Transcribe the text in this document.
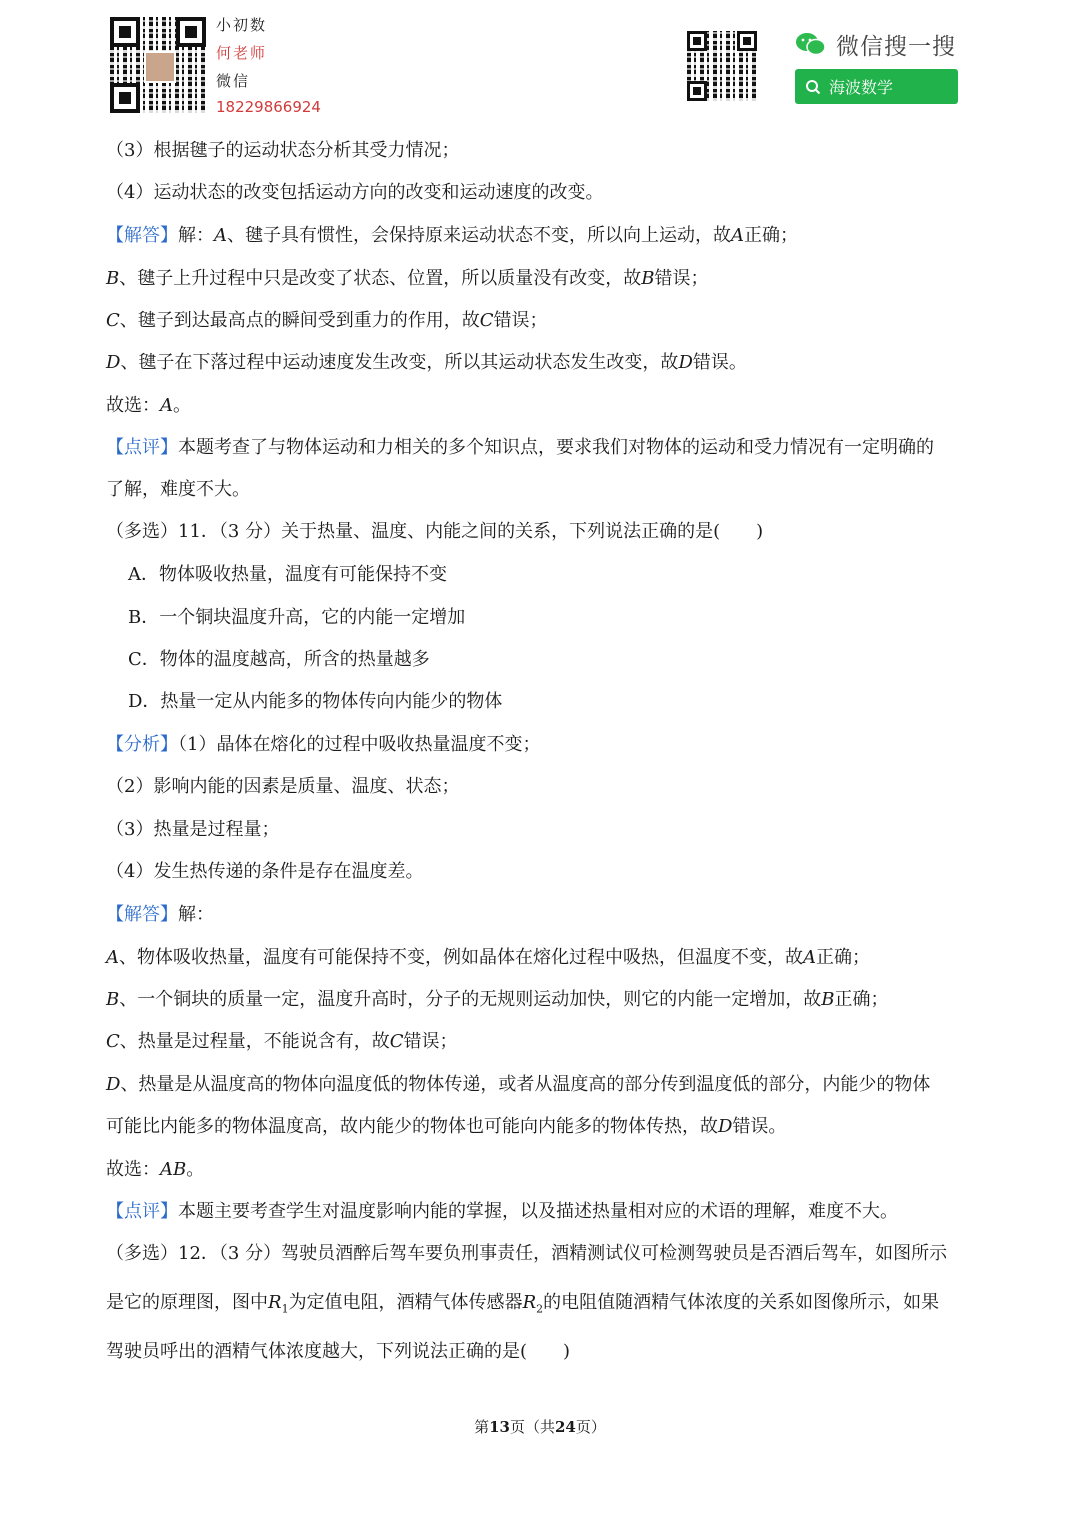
小初数
何老师
微信
18229866924
微信搜一搜
海波数学
（3）根据毽子的运动状态分析其受力情况；
（4）运动状态的改变包括运动方向的改变和运动速度的改变。
【解答】解：A、毽子具有惯性，会保持原来运动状态不变，所以向上运动，故A正确；
B、毽子上升过程中只是改变了状态、位置，所以质量没有改变，故B错误；
C、毽子到达最高点的瞬间受到重力的作用，故C错误；
D、毽子在下落过程中运动速度发生改变，所以其运动状态发生改变，故D错误。
故选：A。
【点评】本题考查了与物体运动和力相关的多个知识点，要求我们对物体的运动和受力情况有一定明确的
了解，难度不大。
（多选）11．（3 分）关于热量、温度、内能之间的关系，下列说法正确的是(　　)
A．物体吸收热量，温度有可能保持不变
B．一个铜块温度升高，它的内能一定增加
C．物体的温度越高，所含的热量越多
D．热量一定从内能多的物体传向内能少的物体
【分析】（1）晶体在熔化的过程中吸收热量温度不变；
（2）影响内能的因素是质量、温度、状态；
（3）热量是过程量；
（4）发生热传递的条件是存在温度差。
【解答】解：
A、物体吸收热量，温度有可能保持不变，例如晶体在熔化过程中吸热，但温度不变，故A正确；
B、一个铜块的质量一定，温度升高时，分子的无规则运动加快，则它的内能一定增加，故B正确；
C、热量是过程量，不能说含有，故C错误；
D、热量是从温度高的物体向温度低的物体传递，或者从温度高的部分传到温度低的部分，内能少的物体
可能比内能多的物体温度高，故内能少的物体也可能向内能多的物体传热，故D错误。
故选：AB。
【点评】本题主要考查学生对温度影响内能的掌握，以及描述热量相对应的术语的理解，难度不大。
（多选）12．（3 分）驾驶员酒醉后驾车要负刑事责任，酒精测试仪可检测驾驶员是否酒后驾车，如图所示
是它的原理图，图中$R_1$为定值电阻，酒精气体传感器$R_2$的电阻值随酒精气体浓度的关系如图像所示，如果
驾驶员呼出的酒精气体浓度越大，下列说法正确的是(　　)
第13页（共24页）
